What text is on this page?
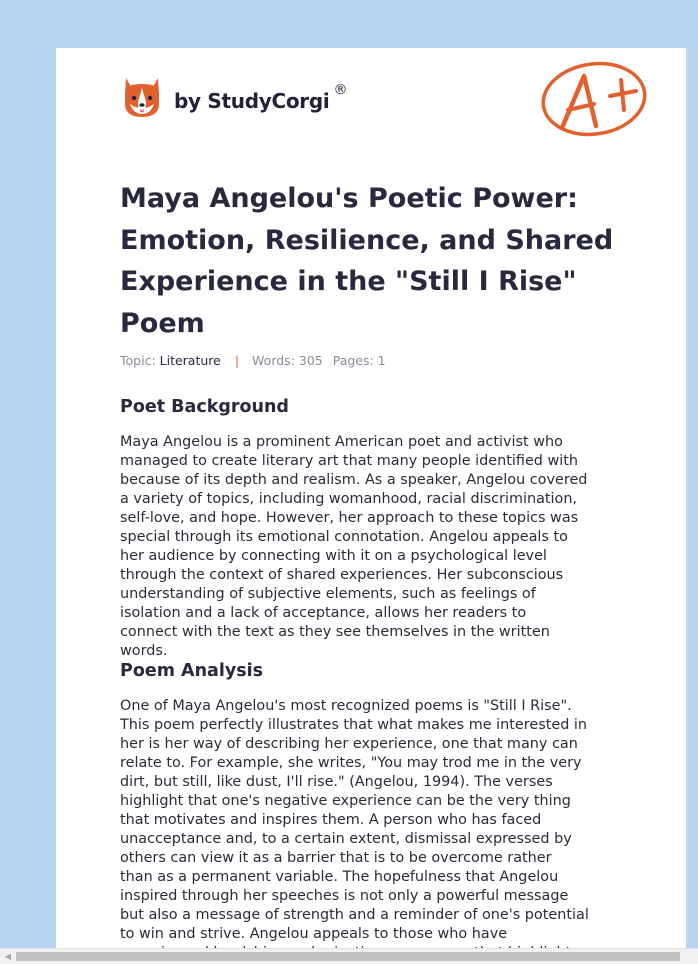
by StudyCorgi ®
Maya Angelou's Poetic Power:
Emotion, Resilience, and Shared
Experience in the "Still I Rise"
Poem
Topic: Literature | Words: 305 Pages: 1
Poet Background
Maya Angelou is a prominent American poet and activist who
managed to create literary art that many people identified with
because of its depth and realism. As a speaker, Angelou covered
a variety of topics, including womanhood, racial discrimination,
self-love, and hope. However, her approach to these topics was
special through its emotional connotation. Angelou appeals to
her audience by connecting with it on a psychological level
through the context of shared experiences. Her subconscious
understanding of subjective elements, such as feelings of
isolation and a lack of acceptance, allows her readers to
connect with the text as they see themselves in the written
words.
Poem Analysis
One of Maya Angelou's most recognized poems is "Still I Rise".
This poem perfectly illustrates that what makes me interested in
her is her way of describing her experience, one that many can
relate to. For example, she writes, "You may trod me in the very
dirt, but still, like dust, I'll rise." (Angelou, 1994). The verses
highlight that one's negative experience can be the very thing
that motivates and inspires them. A person who has faced
unacceptance and, to a certain extent, dismissal expressed by
others can view it as a barrier that is to be overcome rather
than as a permanent variable. The hopefulness that Angelou
inspired through her speeches is not only a powerful message
but also a message of strength and a reminder of one's potential
to win and strive. Angelou appeals to those who have
◀
